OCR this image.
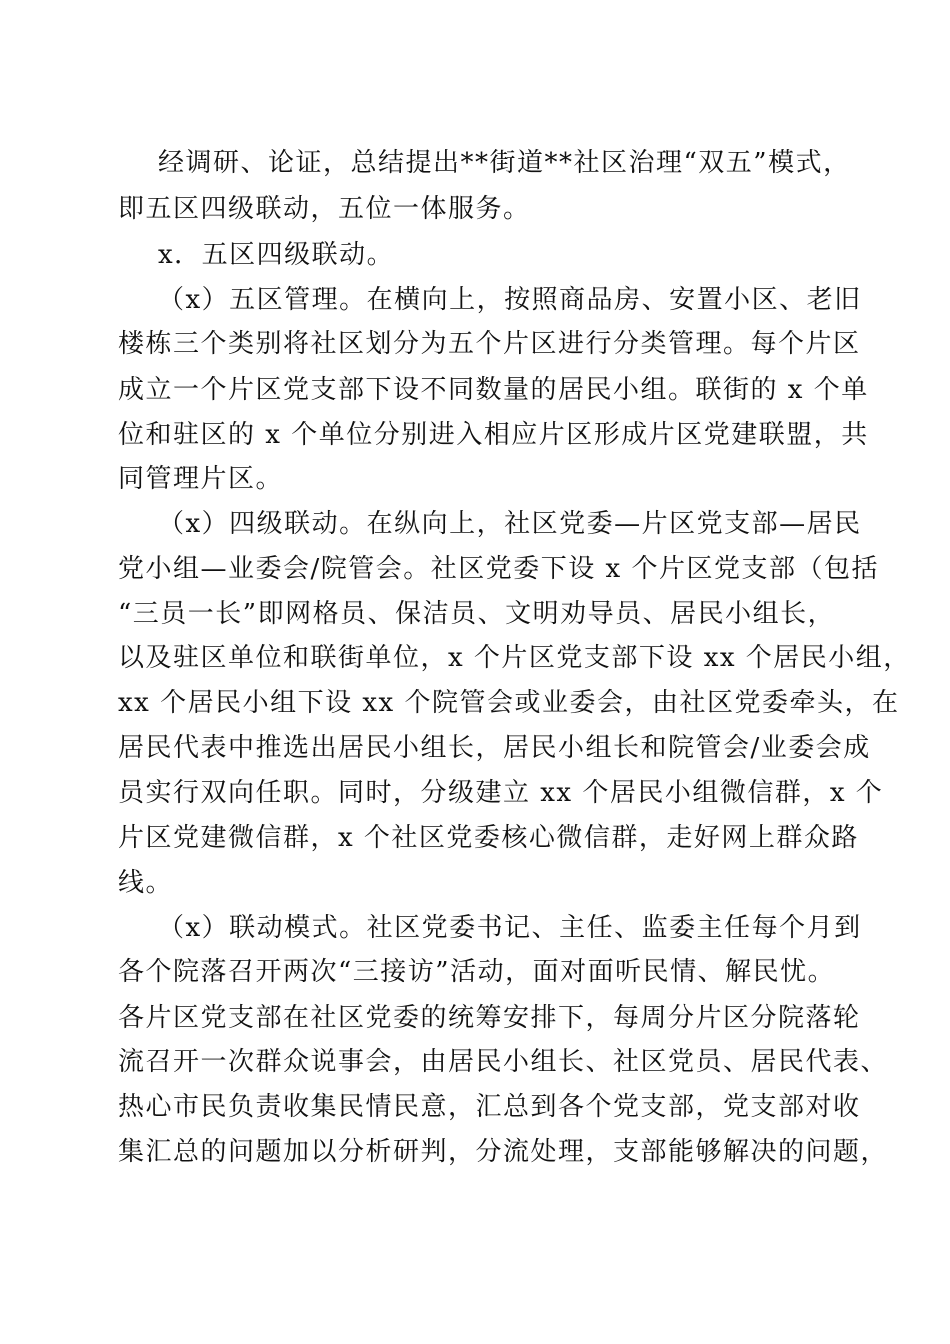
经调研、论证，总结提出**街道**社区治理“双五”模式，
即五区四级联动，五位一体服务。
x．五区四级联动。
（x）五区管理。在横向上，按照商品房、安置小区、老旧
楼栋三个类别将社区划分为五个片区进行分类管理。每个片区
成立一个片区党支部下设不同数量的居民小组。联街的 x 个单
位和驻区的 x 个单位分别进入相应片区形成片区党建联盟，共
同管理片区。
（x）四级联动。在纵向上，社区党委—片区党支部—居民
党小组—业委会/院管会。社区党委下设 x 个片区党支部（包括
“三员一长”即网格员、保洁员、文明劝导员、居民小组长，
以及驻区单位和联街单位，x 个片区党支部下设 xx 个居民小组，
xx 个居民小组下设 xx 个院管会或业委会，由社区党委牵头，在
居民代表中推选出居民小组长，居民小组长和院管会/业委会成
员实行双向任职。同时，分级建立 xx 个居民小组微信群，x 个
片区党建微信群，x 个社区党委核心微信群，走好网上群众路
线。
（x）联动模式。社区党委书记、主任、监委主任每个月到
各个院落召开两次“三接访”活动，面对面听民情、解民忧。
各片区党支部在社区党委的统筹安排下，每周分片区分院落轮
流召开一次群众说事会，由居民小组长、社区党员、居民代表、
热心市民负责收集民情民意，汇总到各个党支部，党支部对收
集汇总的问题加以分析研判，分流处理，支部能够解决的问题，
